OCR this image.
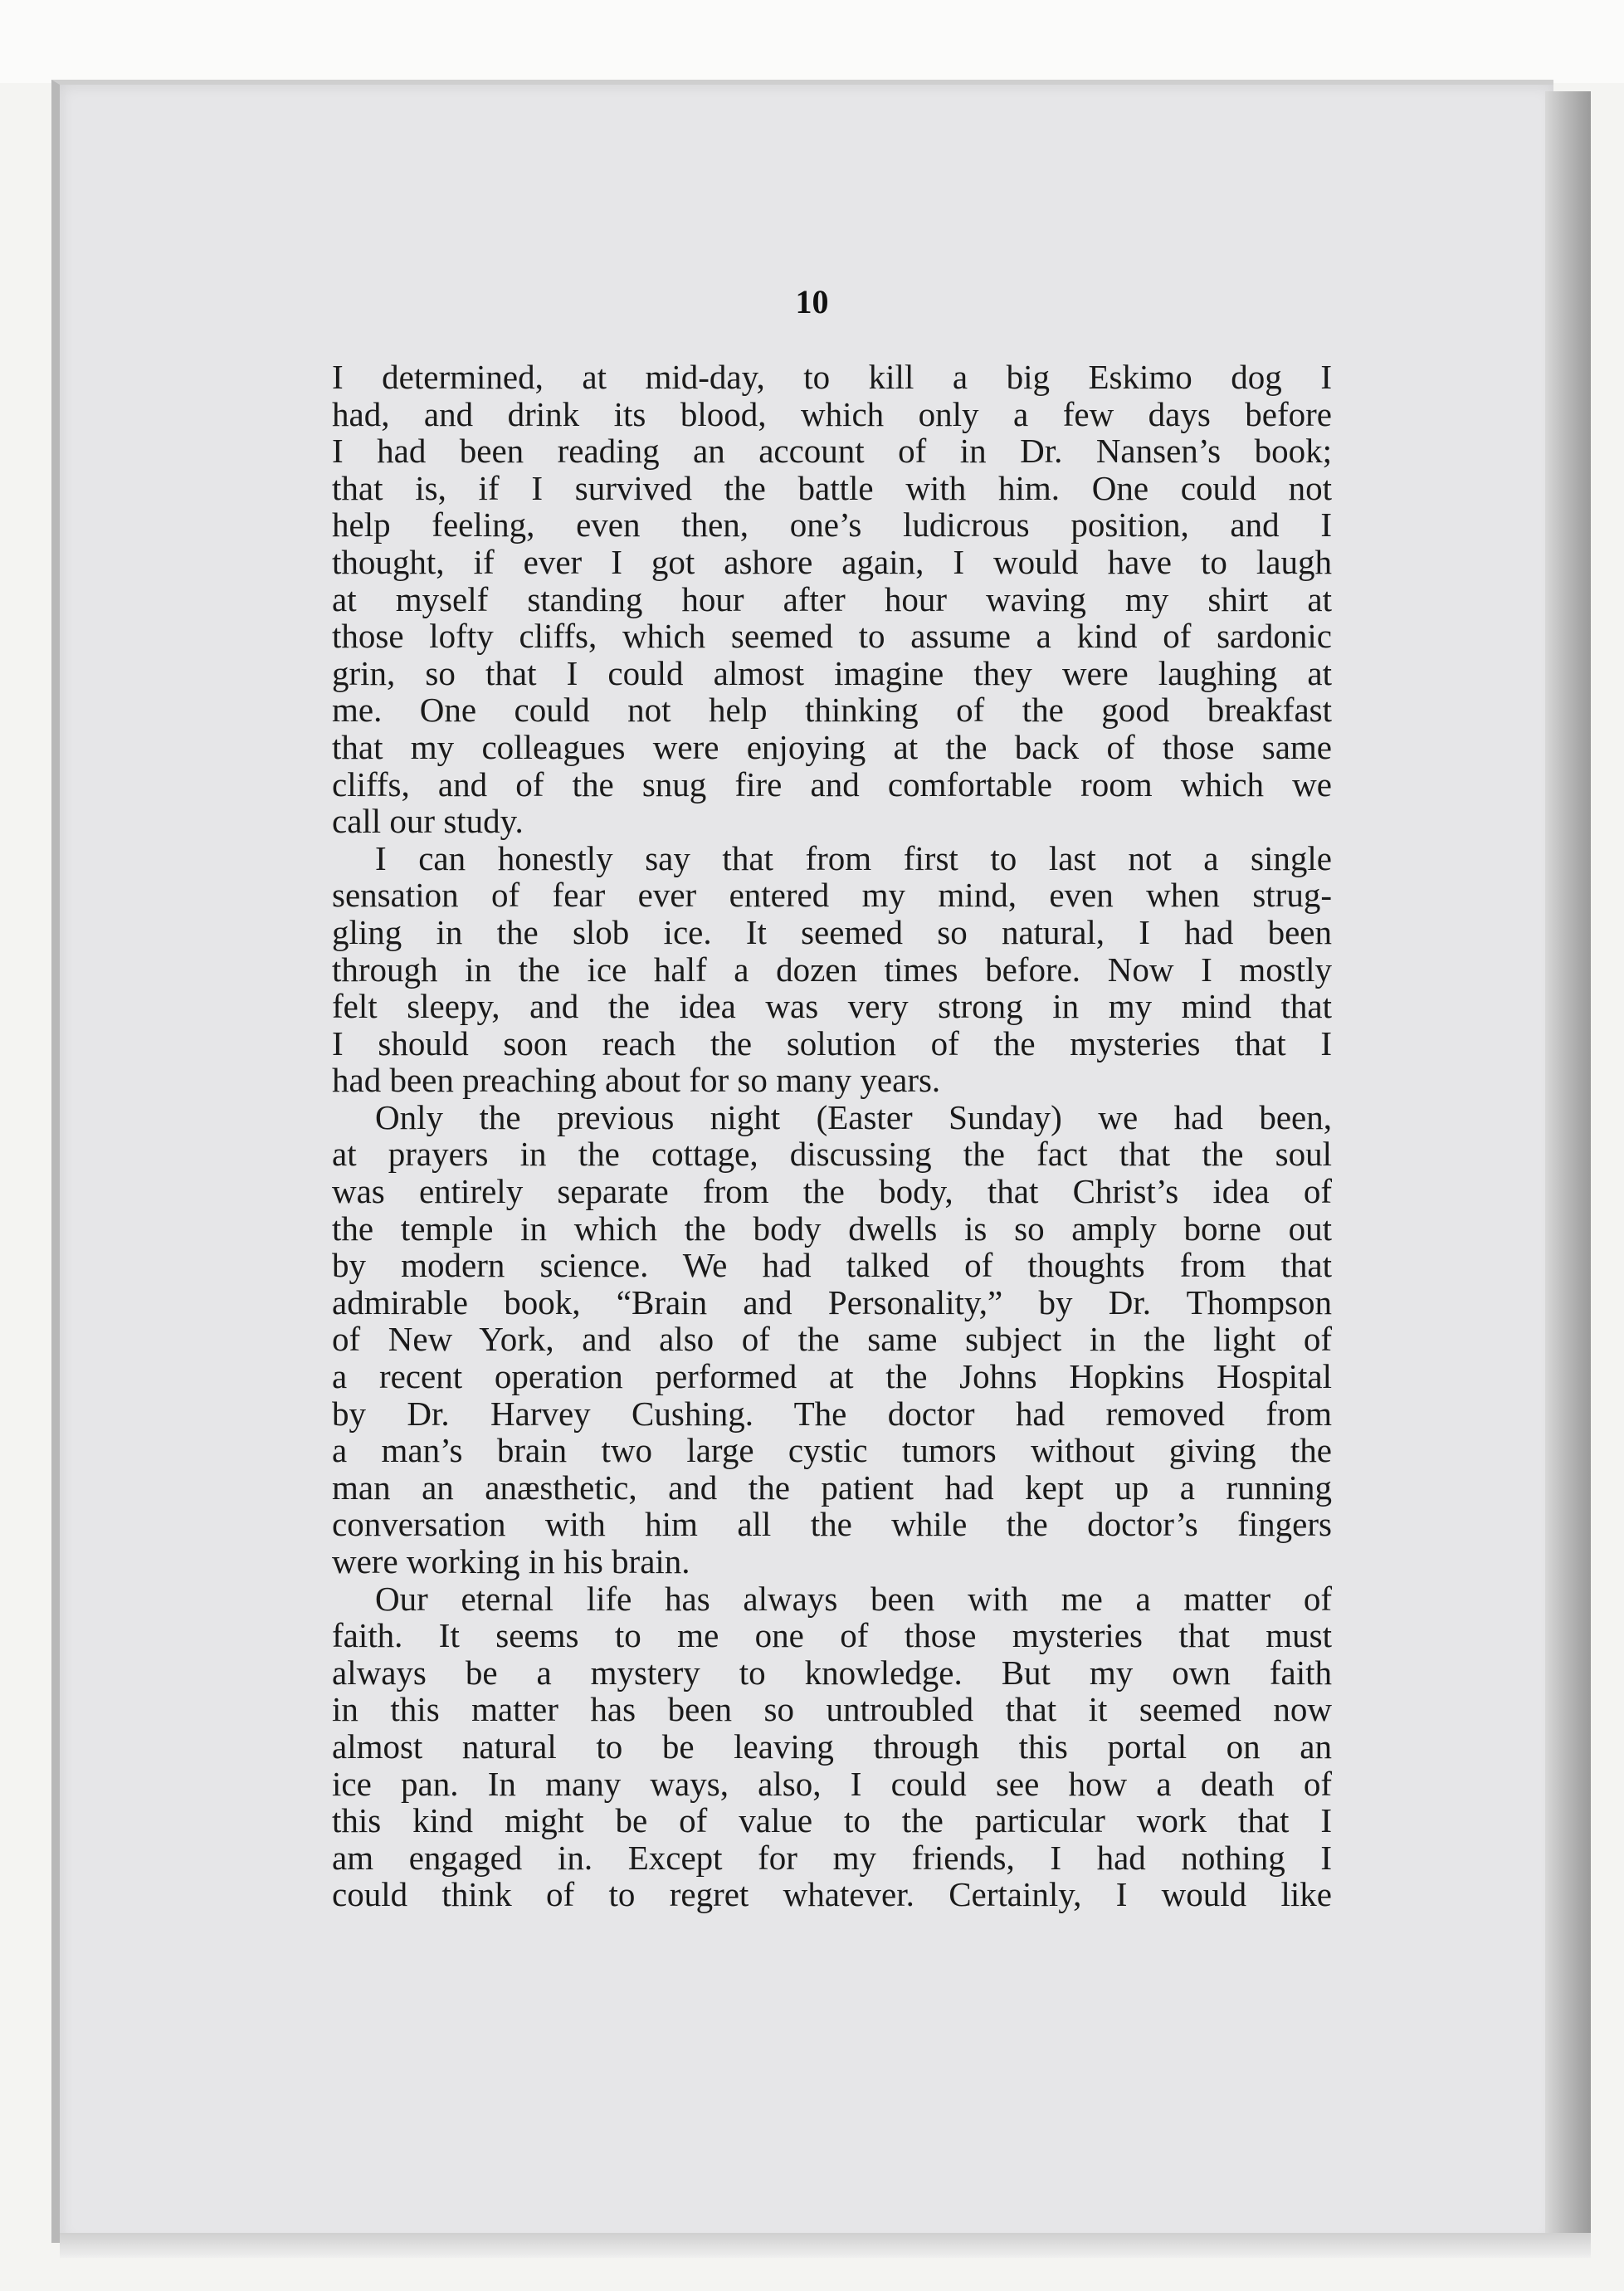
10

I determined, at mid-day, to kill a big Eskimo dog I
had, and drink its blood, which only a few days before
I had been reading an account of in Dr. Nansen’s book;
that is, if I survived the battle with him. One could not
help feeling, even then, one’s ludicrous position, and I
thought, if ever I got ashore again, I would have to laugh
at myself standing hour after hour waving my shirt at
those lofty cliffs, which seemed to assume a kind of sardonic
grin, so that I could almost imagine they were laughing at
me. One could not help thinking of the good breakfast
that my colleagues were enjoying at the back of those same
cliffs, and of the snug fire and comfortable room which we
call our study.
I can honestly say that from first to last not a single
sensation of fear ever entered my mind, even when strug-
gling in the slob ice. It seemed so natural, I had been
through in the ice half a dozen times before. Now I mostly
felt sleepy, and the idea was very strong in my mind that
I should soon reach the solution of the mysteries that I
had been preaching about for so many years.
Only the previous night (Easter Sunday) we had been,
at prayers in the cottage, discussing the fact that the soul
was entirely separate from the body, that Christ’s idea of
the temple in which the body dwells is so amply borne out
by modern science. We had talked of thoughts from that
admirable book, “Brain and Personality,” by Dr. Thompson
of New York, and also of the same subject in the light of
a recent operation performed at the Johns Hopkins Hospital
by Dr. Harvey Cushing. The doctor had removed from
a man’s brain two large cystic tumors without giving the
man an anæsthetic, and the patient had kept up a running
conversation with him all the while the doctor’s fingers
were working in his brain.
Our eternal life has always been with me a matter of
faith. It seems to me one of those mysteries that must
always be a mystery to knowledge. But my own faith
in this matter has been so untroubled that it seemed now
almost natural to be leaving through this portal on an
ice pan. In many ways, also, I could see how a death of
this kind might be of value to the particular work that I
am engaged in. Except for my friends, I had nothing I
could think of to regret whatever. Certainly, I would like
